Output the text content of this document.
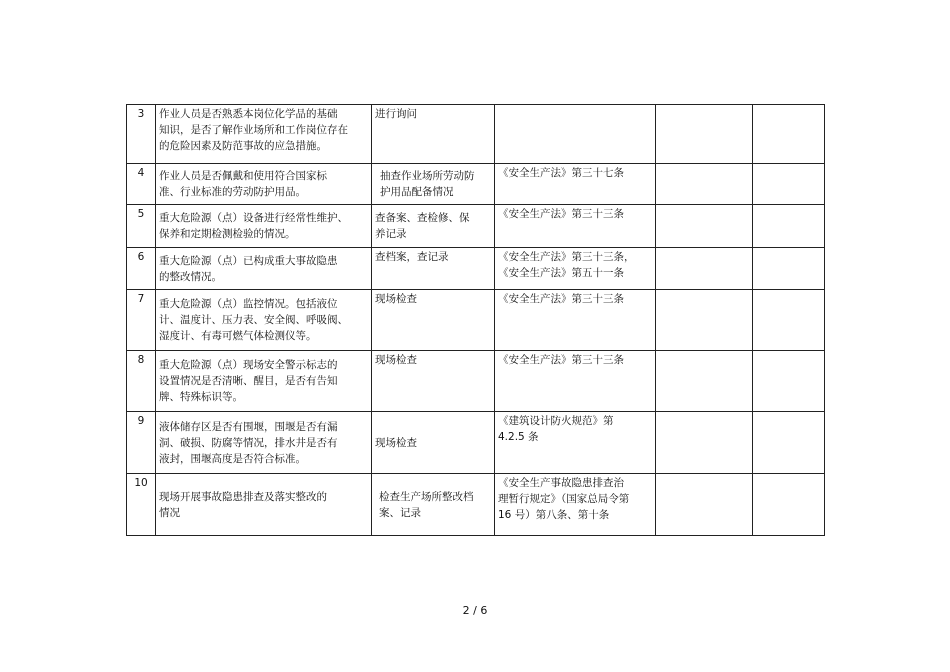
3	作业人员是否熟悉本岗位化学品的基础
知识，是否了解作业场所和工作岗位存在
的危险因素及防范事故的应急措施。	进行询问			

4	作业人员是否佩戴和使用符合国家标
准、行业标准的劳动防护用品。	抽查作业场所劳动防
护用品配备情况	《安全生产法》第三十七条		

5	重大危险源（点）设备进行经常性维护、
保养和定期检测检验的情况。	查备案、查检修、保
养记录	《安全生产法》第三十三条		

6	重大危险源（点）已构成重大事故隐患
的整改情况。	查档案，查记录	《安全生产法》第三十三条，
《安全生产法》第五十一条		

7	重大危险源（点）监控情况。包括液位
计、温度计、压力表、安全阀、呼吸阀、
湿度计、有毒可燃气体检测仪等。	现场检查	《安全生产法》第三十三条		

8	重大危险源（点）现场安全警示标志的
设置情况是否清晰、醒目，是否有告知
牌、特殊标识等。	现场检查	《安全生产法》第三十三条		

9	液体储存区是否有围堰，围堰是否有漏
洞、破损、防腐等情况，排水井是否有
液封，围堰高度是否符合标准。	现场检查	《建筑设计防火规范》第
4.2.5 条		

10	现场开展事故隐患排查及落实整改的
情况	检查生产场所整改档
案、记录	《安全生产事故隐患排查治
理暂行规定》（国家总局令第
16 号）第八条、第十条		

2 / 6
